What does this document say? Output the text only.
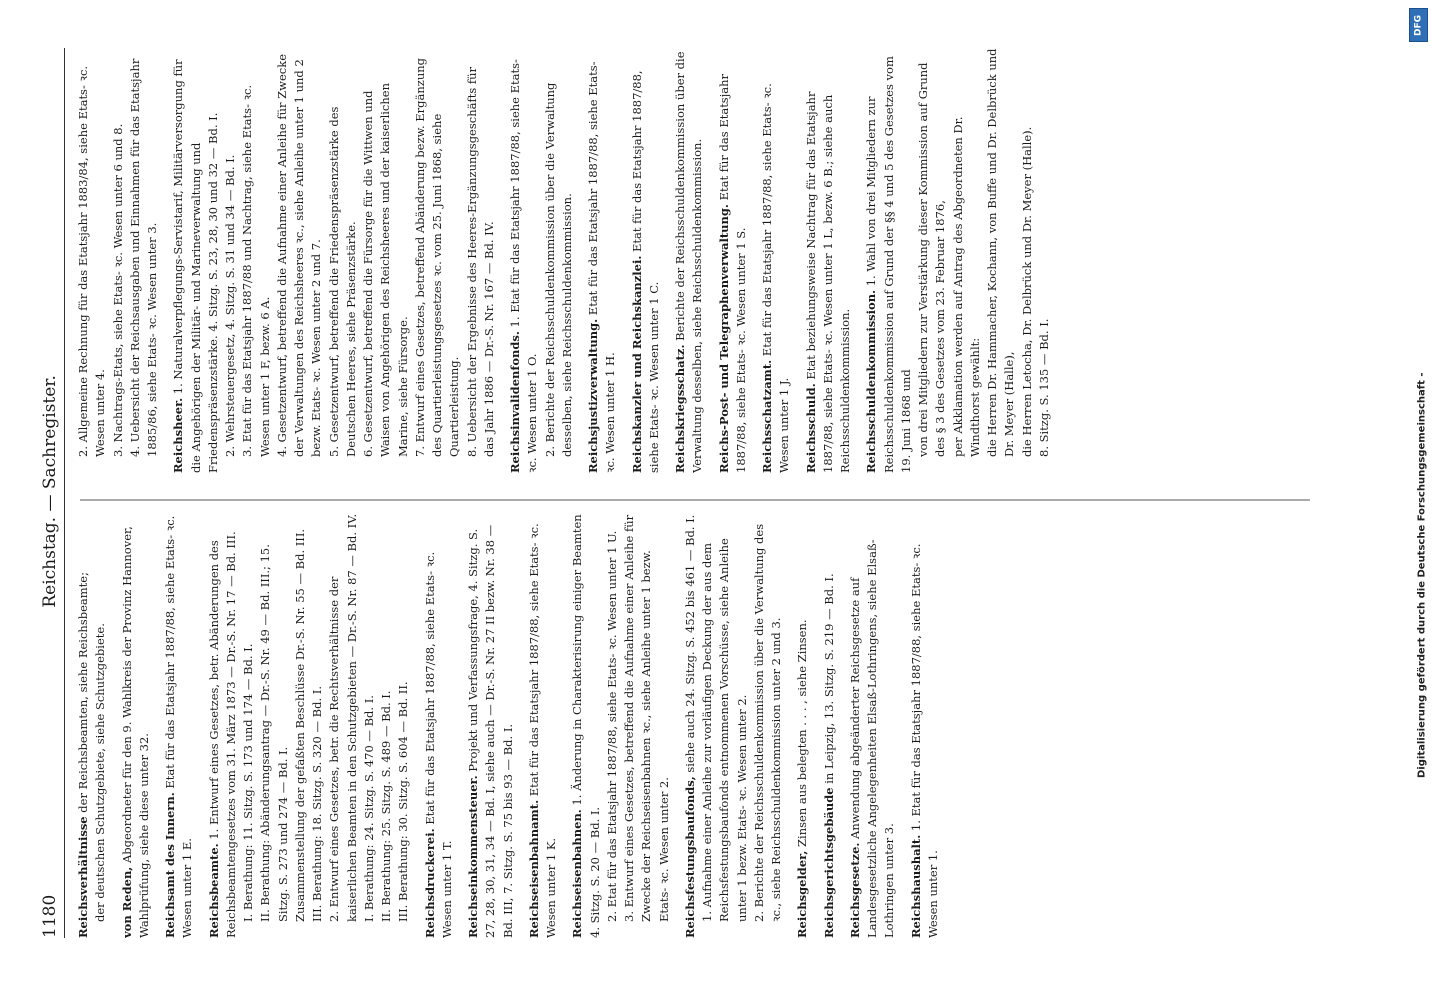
1180
Reichstag. — Sachregister.
Reichsverhältnisse der Reichsbeamten, siehe Reichsbeamte; der deutschen Schutzgebiete, siehe Schutzgebiete. von Reden, Abgeordneter für den 9. Wahlkreis der Provinz Hannover, Wahlprüfung, siehe diese unter 32. Reichsamt des Innern. Etat für das Etatsjahr 1887/88, siehe Etats- ꝛc. Wesen unter 1 E. Reichsbeamte. 1. Entwurf eines Gesetzes, betr. Abänderungen des Reichsbeamtengesetzes vom 31. März 1873 — Dr.-S. Nr. 17 — Bd. III. I. Berathung: 11. Sitzg. S. 173 und 174 — Bd. I. II. Berathung: Abänderungsantrag — Dr.-S. Nr. 49 — Bd. III.; 15. Sitzg. S. 273 und 274 — Bd. I. Zusammenstellung der gefaßten Beschlüsse Dr.-S. Nr. 55 — Bd. III. III. Berathung: 18. Sitzg. S. 320 — Bd. I. 2. Entwurf eines Gesetzes, betr. die Rechtsverhältnisse der kaiserlichen Beamten in den Schutzgebieten — Dr.-S. Nr. 87 — Bd. IV. I. Berathung: 24. Sitzg. S. 470 — Bd. I. II. Berathung: 25. Sitzg. S. 489 — Bd. I. III. Berathung: 30. Sitzg. S. 604 — Bd. II. Reichsdruckerei. Etat für das Etatsjahr 1887/88, siehe Etats- ꝛc. Wesen unter 1 T. Reichseinkommensteuer. Projekt und Verfassungsfrage, 4. Sitzg. S. 27, 28, 30, 31, 34 — Bd. I, siehe auch — Dr.-S. Nr. 27 II bezw. Nr. 38 — Bd. III, 7. Sitzg. S. 75 bis 93 — Bd. I. Reichseisenbahnamt. Etat für das Etatsjahr 1887/88, siehe Etats- ꝛc. Wesen unter 1 K. Reichseisenbahnen. 1. Änderung in Charakterisirung einiger Beamten 4. Sitzg. S. 20 — Bd. I. 2. Etat für das Etatsjahr 1887/88, siehe Etats- ꝛc. Wesen unter 1 U. 3. Entwurf eines Gesetzes, betreffend die Aufnahme einer Anleihe für Zwecke der Reichseisenbahnen ꝛc., siehe Anleihe unter 1 bezw. Etats- ꝛc. Wesen unter 2. Reichsfestungsbaufonds, siehe auch 24. Sitzg. S. 452 bis 461 — Bd. I. 1. Aufnahme einer Anleihe zur vorläufigen Deckung der aus dem Reichsfestungsbaufonds entnommenen Vorschüsse, siehe Anleihe unter 1 bezw. Etats- ꝛc. Wesen unter 2. 2. Berichte der Reichsschuldenkommission über die Verwaltung des ꝛc., siehe Reichsschuldenkommission unter 2 und 3. Reichsgelder, Zinsen aus belegten . . . , siehe Zinsen.
Reichsgerichtsgebäude in Leipzig, 13. Sitzg. S. 219 — Bd. I.
Reichsgesetze. Anwendung abgeänderter Reichsgesetze auf Landesgesetzliche Angelegenheiten Elsaß-Lothringens, siehe Elsaß-Lothringen unter 3. Reichshaushalt. 1. Etat für das Etatsjahr 1887/88, siehe Etats- ꝛc. Wesen unter 1.
2. Allgemeine Rechnung für das Etatsjahr 1883/84, siehe Etats- ꝛc. Wesen unter 4. 3. Nachtrags-Etats, siehe Etats- ꝛc. Wesen unter 6 und 8. 4. Uebersicht der Reichsausgaben und Einnahmen für das Etatsjahr 1885/86, siehe Etats- ꝛc. Wesen unter 3. Reichsheer. 1. Naturalverpflegungs-Servistarif, Militärversorgung für die Angehörigen der Militär- und Marineverwaltung und Friedenspräsenzstärke. 4. Sitzg. S. 23, 28, 30 und 32 — Bd. I. 2. Wehrsteuergesetz, 4. Sitzg. S. 31 und 34 — Bd. I. 3. Etat für das Etatsjahr 1887/88 und Nachtrag, siehe Etats- ꝛc. Wesen unter 1 F, bezw. 6 A. 4. Gesetzentwurf, betreffend die Aufnahme einer Anleihe für Zwecke der Verwaltungen des Reichsheeres ꝛc., siehe Anleihe unter 1 und 2 bezw. Etats- ꝛc. Wesen unter 2 und 7. 5. Gesetzentwurf, betreffend die Friedenspräsenzstärke des Deutschen Heeres, siehe Präsenzstärke. 6. Gesetzentwurf, betreffend die Fürsorge für die Wittwen und Waisen von Angehörigen des Reichsheeres und der kaiserlichen Marine, siehe Fürsorge. 7. Entwurf eines Gesetzes, betreffend Abänderung bezw. Ergänzung des Quartierleistungsgesetzes ꝛc. vom 25. Juni 1868, siehe Quartierleistung. 8. Uebersicht der Ergebnisse des Heeres-Ergänzungsgeschäfts für das Jahr 1886 — Dr.-S. Nr. 167 — Bd. IV. Reichsinvalidenfonds. 1. Etat für das Etatsjahr 1887/88, siehe Etats- ꝛc. Wesen unter 1 O. 2. Berichte der Reichsschuldenkommission über die Verwaltung desselben, siehe Reichsschuldenkommission. Reichsjustizverwaltung. Etat für das Etatsjahr 1887/88, siehe Etats- ꝛc. Wesen unter 1 H. Reichskanzler und Reichskanzlei. Etat für das Etatsjahr 1887/88, siehe Etats- ꝛc. Wesen unter 1 C. Reichskriegsschatz. Berichte der Reichsschuldenkommission über die Verwaltung desselben, siehe Reichsschuldenkommission. Reichs-Post- und Telegraphenverwaltung. Etat für das Etatsjahr 1887/88, siehe Etats- ꝛc. Wesen unter 1 S. Reichsschatzamt. Etat für das Etatsjahr 1887/88, siehe Etats- ꝛc. Wesen unter 1 J. Reichsschuld. Etat beziehungsweise Nachtrag für das Etatsjahr 1887/88, siehe Etats- ꝛc. Wesen unter 1 L, bezw. 6 B.; siehe auch Reichsschuldenkommission. Reichsschuldenkommission. 1. Wahl von drei Mitgliedern zur Reichsschuldenkommission auf Grund der §§ 4 und 5 des Gesetzes vom 19. Juni 1868 und von drei Mitgliedern zur Verstärkung dieser Kommission auf Grund des § 3 des Gesetzes vom 23. Februar 1876, per Akklamation werden auf Antrag des Abgeordneten Dr. Windthorst gewählt: die Herren Dr. Hammacher, Kochann, von Buffe und Dr. Delbrück und Dr. Meyer (Halle), die Herren Letocha, Dr. Delbrück und Dr. Meyer (Halle). 8. Sitzg. S. 135 — Bd. I.
DFG
Digitalisierung gefördert durch die Deutsche Forschungsgemeinschaft -
